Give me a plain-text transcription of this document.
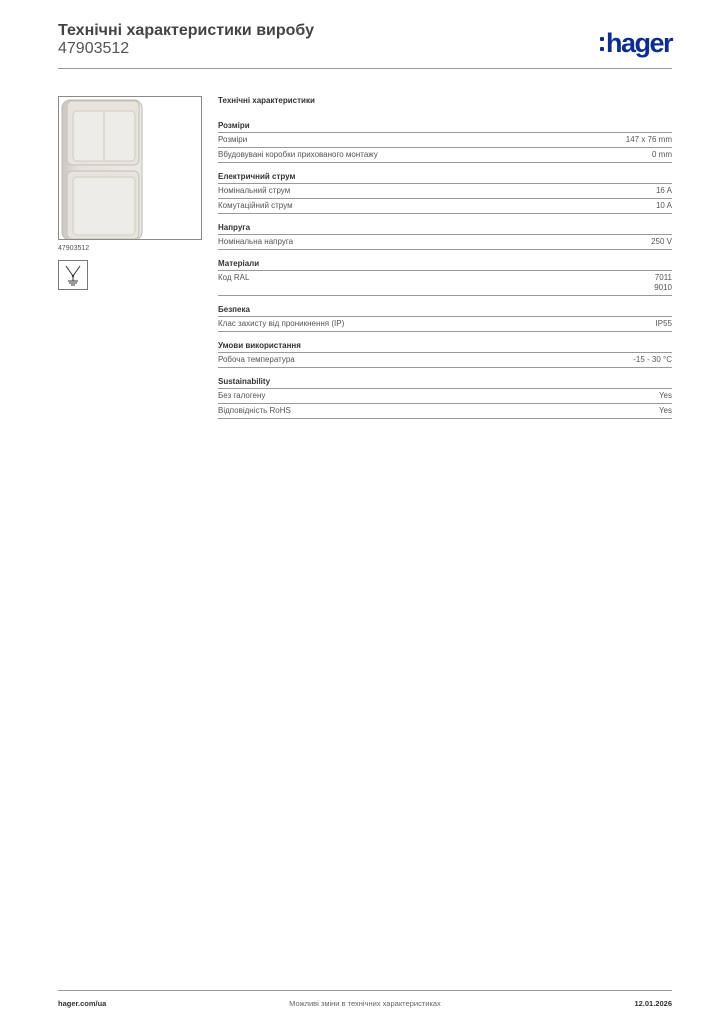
Технічні характеристики виробу
47903512	hager
47903512
Технічні характеристики
Розміри
Розміри	147 x 76 mm
Вбудовувані коробки прихованого монтажу	0 mm
Електричний струм
Номінальний струм	16 A
Комутаційний струм	10 A
Напруга
Номінальна напруга	250 V
Матеріали
Код RAL	7011
9010
Безпека
Клас захисту від проникнення (IP)	IP55
Умови використання
Робоча температура	-15 - 30 °C
Sustainability
Без галогену	Yes
Відповідність RoHS	Yes
hager.com/ua	Можливі зміни в технічних характеристиках	12.01.2026
